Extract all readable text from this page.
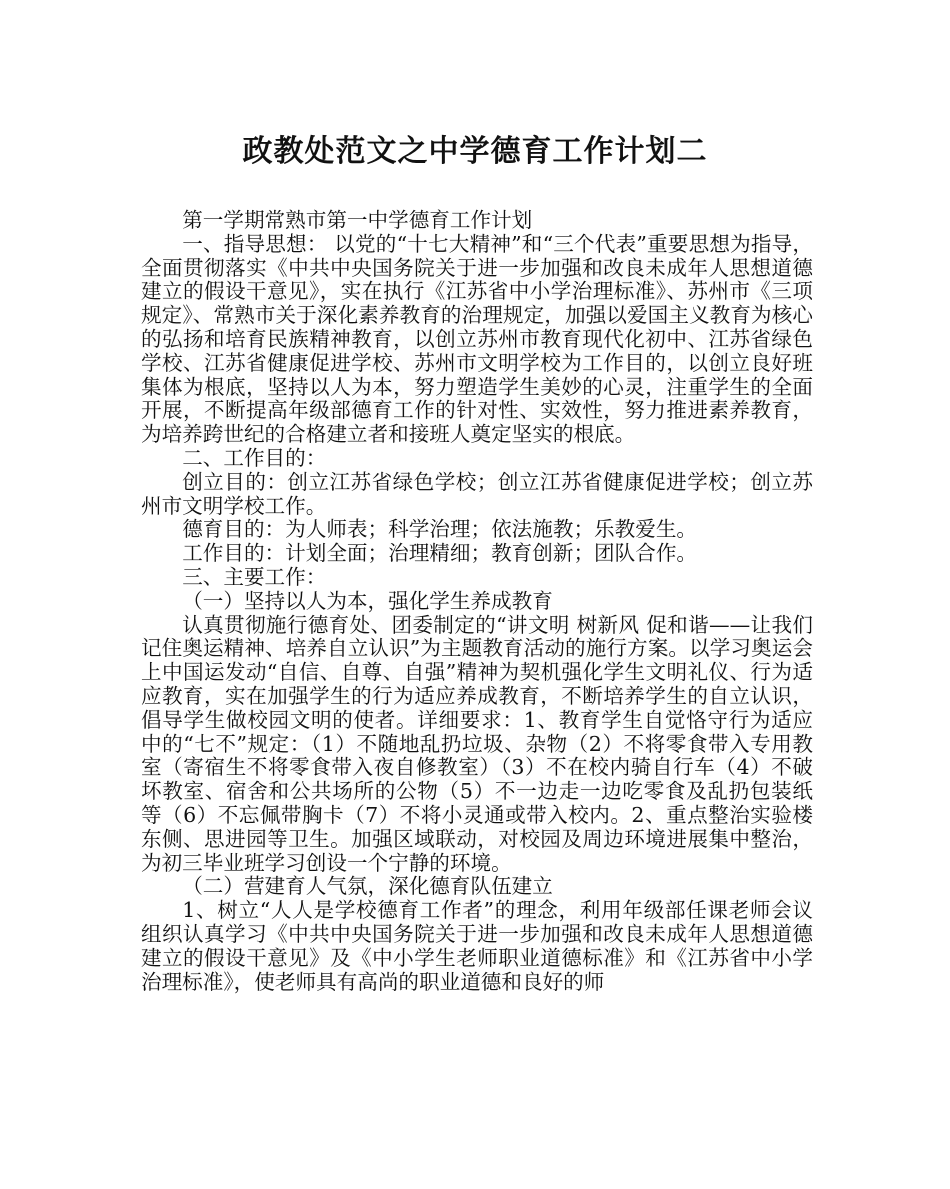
政教处范文之中学德育工作计划二

第一学期常熟市第一中学德育工作计划

一、指导思想： 以党的“十七大精神”和“三个代表”重要思想为指导，全面贯彻落实《中共中央国务院关于进一步加强和改良未成年人思想道德建立的假设干意见》，实在执行《江苏省中小学治理标准》、苏州市《三项规定》、常熟市关于深化素养教育的治理规定，加强以爱国主义教育为核心的弘扬和培育民族精神教育，以创立苏州市教育现代化初中、江苏省绿色学校、江苏省健康促进学校、苏州市文明学校为工作目的，以创立良好班集体为根底，坚持以人为本，努力塑造学生美妙的心灵，注重学生的全面开展，不断提高年级部德育工作的针对性、实效性，努力推进素养教育，为培养跨世纪的合格建立者和接班人奠定坚实的根底。

二、工作目的：

创立目的：创立江苏省绿色学校；创立江苏省健康促进学校；创立苏州市文明学校工作。

德育目的：为人师表；科学治理；依法施教；乐教爱生。

工作目的：计划全面；治理精细；教育创新；团队合作。

三、主要工作：

（一）坚持以人为本，强化学生养成教育

认真贯彻施行德育处、团委制定的“讲文明 树新风 促和谐——让我们记住奥运精神、培养自立认识”为主题教育活动的施行方案。以学习奥运会上中国运发动“自信、自尊、自强”精神为契机强化学生文明礼仪、行为适应教育，实在加强学生的行为适应养成教育，不断培养学生的自立认识，倡导学生做校园文明的使者。详细要求：1、教育学生自觉恪守行为适应中的“七不”规定：（1）不随地乱扔垃圾、杂物（2）不将零食带入专用教室（寄宿生不将零食带入夜自修教室）（3）不在校内骑自行车（4）不破坏教室、宿舍和公共场所的公物（5）不一边走一边吃零食及乱扔包装纸等（6）不忘佩带胸卡（7）不将小灵通或带入校内。2、重点整治实验楼东侧、思进园等卫生。加强区域联动，对校园及周边环境进展集中整治，为初三毕业班学习创设一个宁静的环境。

（二）营建育人气氛，深化德育队伍建立

1、树立“人人是学校德育工作者”的理念，利用年级部任课老师会议组织认真学习《中共中央国务院关于进一步加强和改良未成年人思想道德建立的假设干意见》及《中小学生老师职业道德标准》和《江苏省中小学治理标准》，使老师具有高尚的职业道德和良好的师
